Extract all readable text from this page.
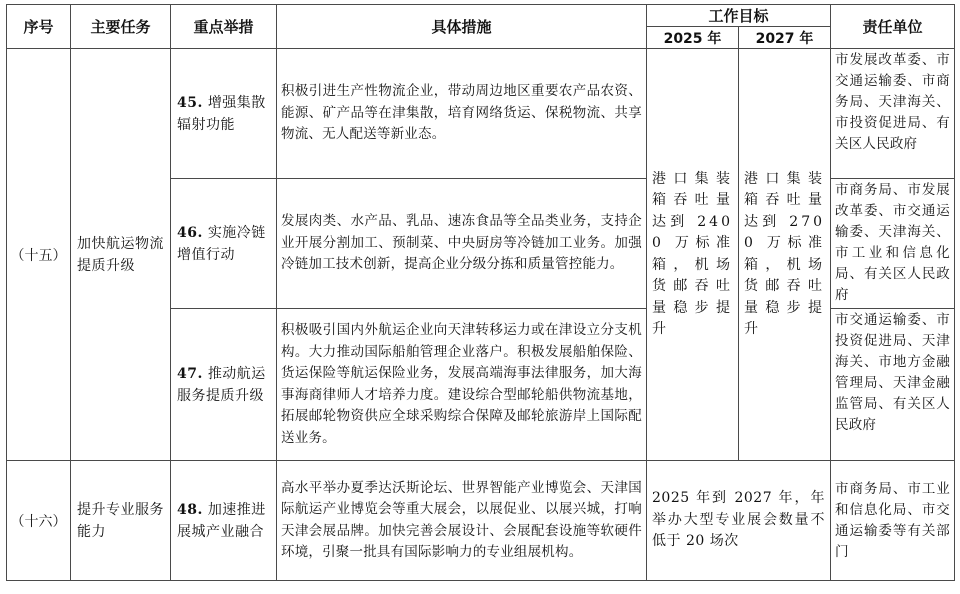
序号	主要任务	重点举措	具体措施	工作目标		责任单位
				2025 年	2027 年	
（十五）	加快航运物流提质升级	45. 增强集散辐射功能	积极引进生产性物流企业，带动周边地区重要农产品农资、能源、矿产品等在津集散，培育网络货运、保税物流、共享物流、无人配送等新业态。	港口集装箱吞吐量达到 2400 万标准箱，机场货邮吞吐量稳步提升	港口集装箱吞吐量达到 2700 万标准箱，机场货邮吞吐量稳步提升	市发展改革委、市交通运输委、市商务局、天津海关、市投资促进局、有关区人民政府
		46. 实施冷链增值行动	发展肉类、水产品、乳品、速冻食品等全品类业务，支持企业开展分割加工、预制菜、中央厨房等冷链加工业务。加强冷链加工技术创新，提高企业分级分拣和质量管控能力。			市商务局、市发展改革委、市交通运输委、天津海关、市工业和信息化局、有关区人民政府
		47. 推动航运服务提质升级	积极吸引国内外航运企业向天津转移运力或在津设立分支机构。大力推动国际船舶管理企业落户。积极发展船舶保险、货运保险等航运保险业务，发展高端海事法律服务，加大海事海商律师人才培养力度。建设综合型邮轮船供物流基地，拓展邮轮物资供应全球采购综合保障及邮轮旅游岸上国际配送业务。			市交通运输委、市投资促进局、天津海关、市地方金融管理局、天津金融监管局、有关区人民政府
（十六）	提升专业服务能力	48. 加速推进展城产业融合	高水平举办夏季达沃斯论坛、世界智能产业博览会、天津国际航运产业博览会等重大展会，以展促业、以展兴城，打响天津会展品牌。加快完善会展设计、会展配套设施等软硬件环境，引聚一批具有国际影响力的专业组展机构。	2025 年到 2027 年，年举办大型专业展会数量不低于 20 场次		市商务局、市工业和信息化局、市交通运输委等有关部门
